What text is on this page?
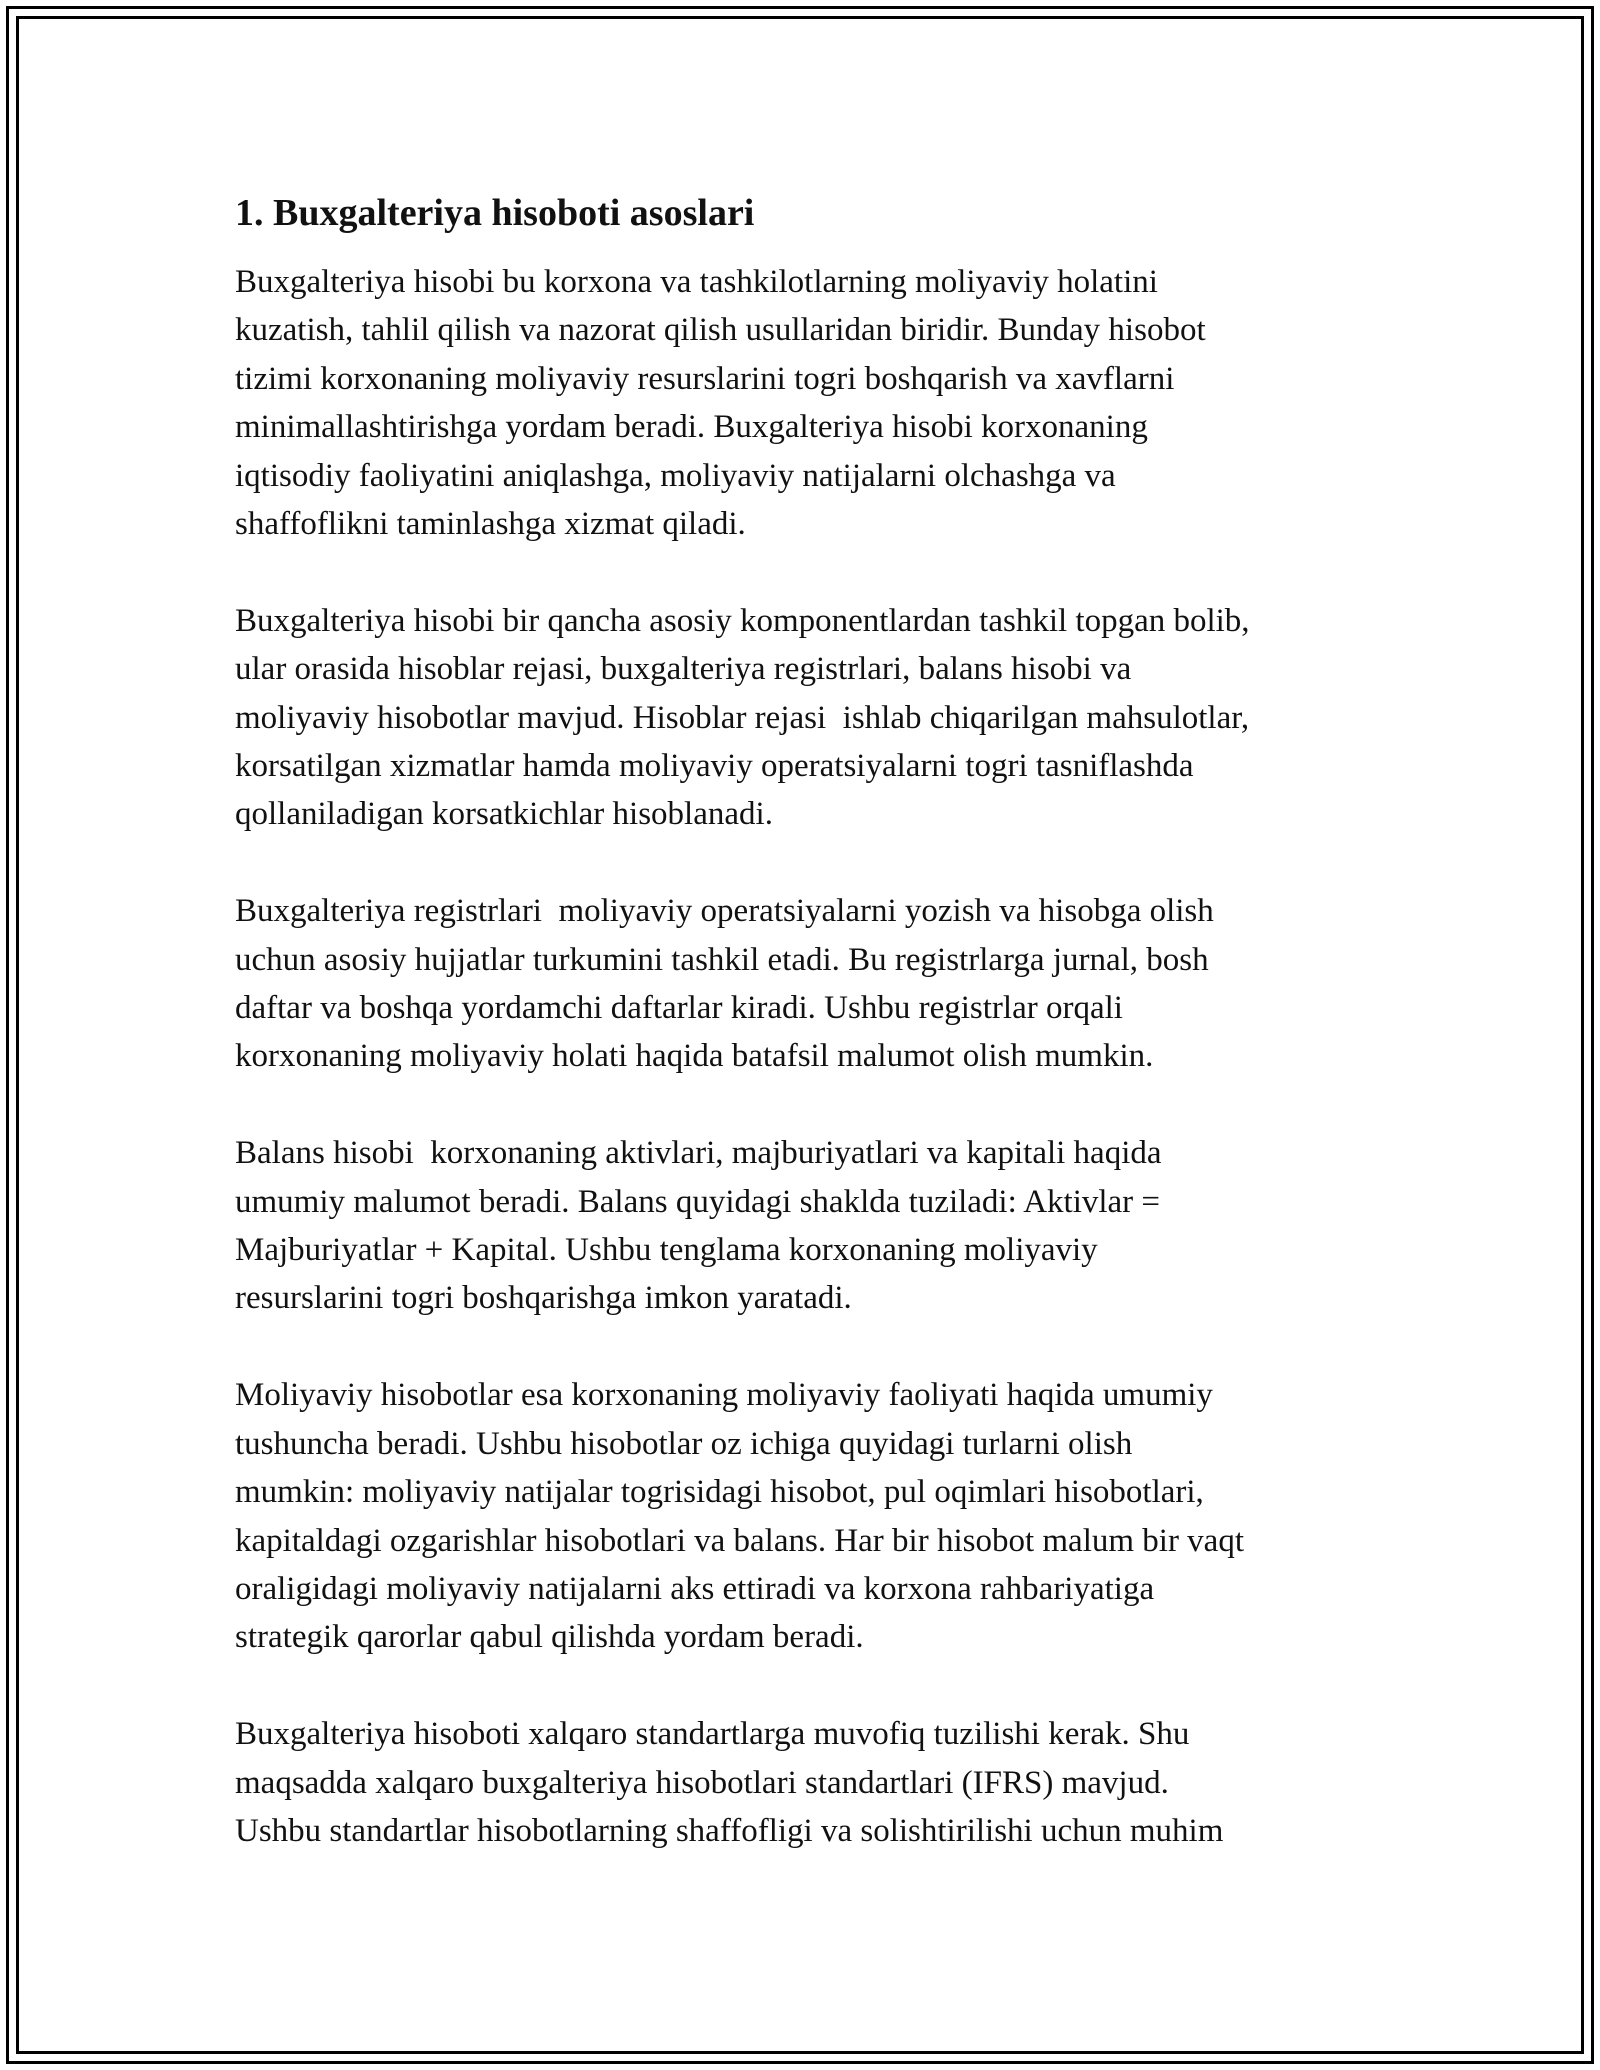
1. Buxgalteriya hisoboti asoslari

Buxgalteriya hisobi bu korxona va tashkilotlarning moliyaviy holatini
kuzatish, tahlil qilish va nazorat qilish usullaridan biridir. Bunday hisobot
tizimi korxonaning moliyaviy resurslarini togri boshqarish va xavflarni
minimallashtirishga yordam beradi. Buxgalteriya hisobi korxonaning
iqtisodiy faoliyatini aniqlashga, moliyaviy natijalarni olchashga va
shaffoflikni taminlashga xizmat qiladi.

Buxgalteriya hisobi bir qancha asosiy komponentlardan tashkil topgan bolib,
ular orasida hisoblar rejasi, buxgalteriya registrlari, balans hisobi va
moliyaviy hisobotlar mavjud. Hisoblar rejasi  ishlab chiqarilgan mahsulotlar,
korsatilgan xizmatlar hamda moliyaviy operatsiyalarni togri tasniflashda
qollaniladigan korsatkichlar hisoblanadi.

Buxgalteriya registrlari  moliyaviy operatsiyalarni yozish va hisobga olish
uchun asosiy hujjatlar turkumini tashkil etadi. Bu registrlarga jurnal, bosh
daftar va boshqa yordamchi daftarlar kiradi. Ushbu registrlar orqali
korxonaning moliyaviy holati haqida batafsil malumot olish mumkin.

Balans hisobi  korxonaning aktivlari, majburiyatlari va kapitali haqida
umumiy malumot beradi. Balans quyidagi shaklda tuziladi: Aktivlar =
Majburiyatlar + Kapital. Ushbu tenglama korxonaning moliyaviy
resurslarini togri boshqarishga imkon yaratadi.

Moliyaviy hisobotlar esa korxonaning moliyaviy faoliyati haqida umumiy
tushuncha beradi. Ushbu hisobotlar oz ichiga quyidagi turlarni olish
mumkin: moliyaviy natijalar togrisidagi hisobot, pul oqimlari hisobotlari,
kapitaldagi ozgarishlar hisobotlari va balans. Har bir hisobot malum bir vaqt
oraligidagi moliyaviy natijalarni aks ettiradi va korxona rahbariyatiga
strategik qarorlar qabul qilishda yordam beradi.

Buxgalteriya hisoboti xalqaro standartlarga muvofiq tuzilishi kerak. Shu
maqsadda xalqaro buxgalteriya hisobotlari standartlari (IFRS) mavjud.
Ushbu standartlar hisobotlarning shaffofligi va solishtirilishi uchun muhim
